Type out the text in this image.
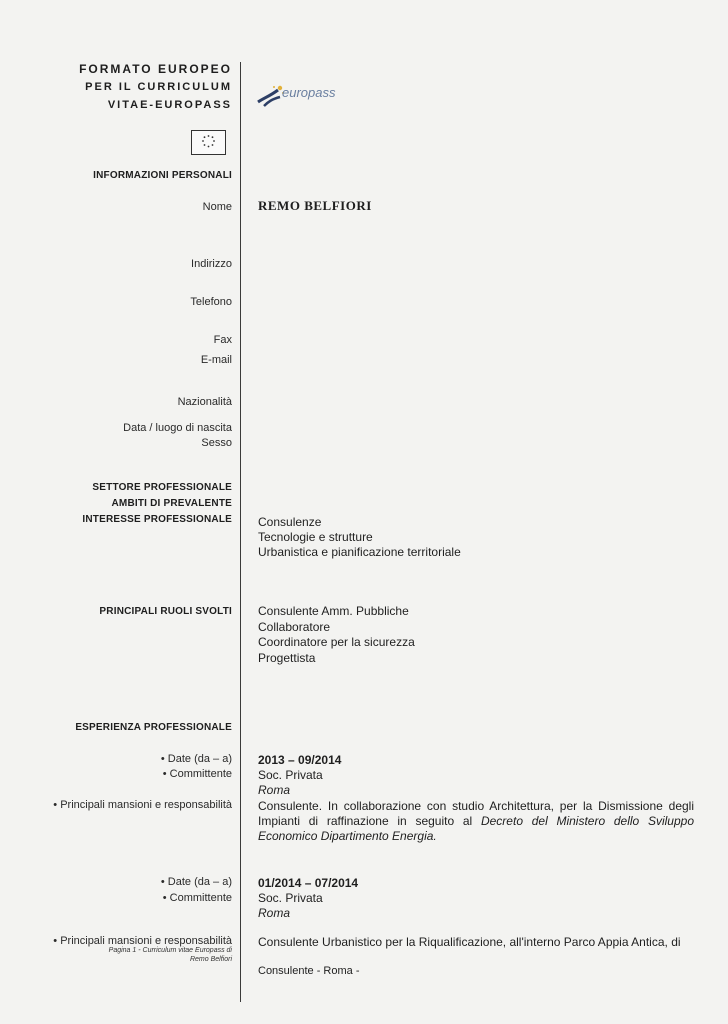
FORMATO EUROPEO
PER IL CURRICULUM
VITAE-EUROPASS
europass
INFORMAZIONI PERSONALI
Nome REMO BELFIORI
Indirizzo
Telefono
Fax
E-mail
Nazionalità
Data / luogo di nascita
Sesso
SETTORE PROFESSIONALE
AMBITI DI PREVALENTE
INTERESSE PROFESSIONALE Consulenze
Tecnologie e strutture
Urbanistica e pianificazione territoriale
PRINCIPALI RUOLI SVOLTI Consulente Amm. Pubbliche
Collaboratore
Coordinatore per la sicurezza
Progettista
ESPERIENZA PROFESSIONALE
• Date (da – a)
• Committente
• Principali mansioni e responsabilità
2013 – 09/2014
Soc. Privata
Roma
Consulente. In collaborazione con studio Architettura, per la Dismissione degli
Impianti di raffinazione in seguito al Decreto del Ministero dello Sviluppo
Economico Dipartimento Energia.
• Date (da – a)
• Committente
• Principali mansioni e responsabilità
01/2014 – 07/2014
Soc. Privata
Roma
Consulente Urbanistico per la Riqualificazione, all'interno Parco Appia Antica, di
Consulente - Roma -
Pagina 1 - Curriculum vitae Europass di
Remo Belfiori
